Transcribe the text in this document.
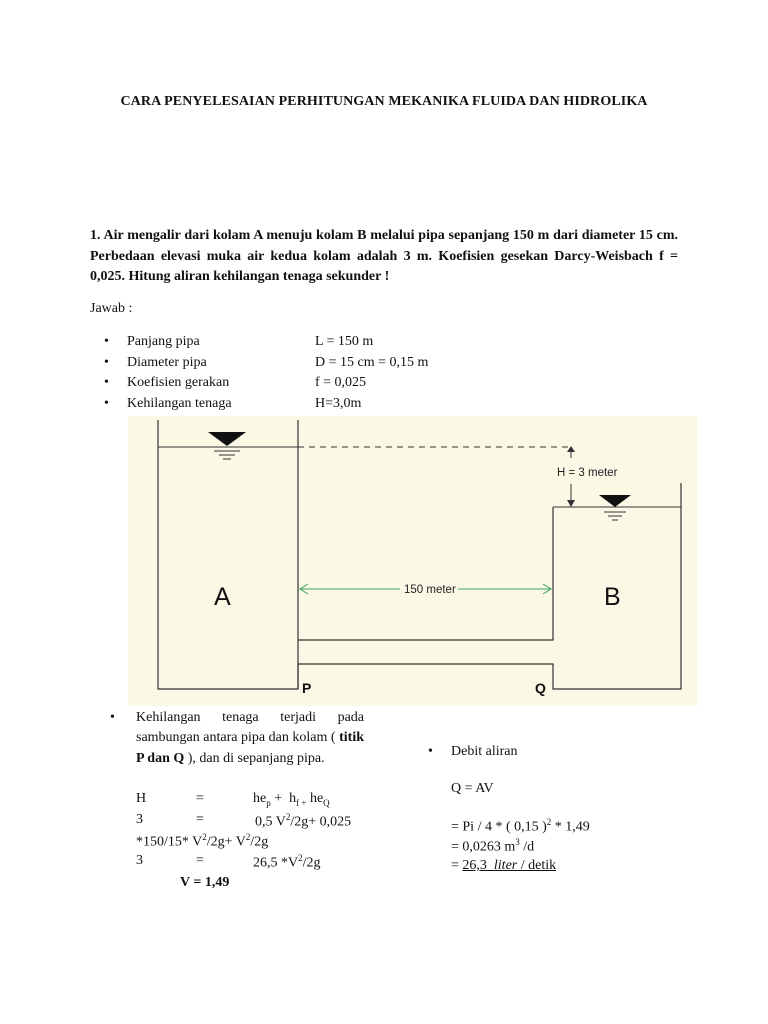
CARA PENYELESAIAN PERHITUNGAN MEKANIKA FLUIDA DAN HIDROLIKA
1. Air mengalir dari kolam A menuju kolam B melalui pipa sepanjang 150 m dari diameter 15 cm. Perbedaan elevasi muka air kedua kolam adalah 3 m. Koefisien gesekan Darcy-Weisbach f = 0,025. Hitung aliran kehilangan tenaga sekunder !
Jawab :
• Panjang pipa	L = 150 m
• Diameter pipa	D = 15 cm = 0,15 m
• Koefisien gerakan	f = 0,025
• Kehilangan tenaga	H=3,0m
A	B
150 meter
H = 3 meter
P	Q
• Kehilangan tenaga terjadi pada sambungan antara pipa dan kolam ( titik P dan Q ), dan di sepanjang pipa.
H	=	$he_p + h_{f +}$ $he_Q$
3	=	0,5 $V^2/2g+ 0,025$
*150/15* $V^2/2g+ V^2/2g$
3	=	26,5 $*V^2/2g$
V = 1,49
• Debit aliran
Q = AV
= Pi / 4 * ( 0,15 )$^2$ * 1,49
= 0,0263 $m^3$ /d
= 26,3  liter / detik
